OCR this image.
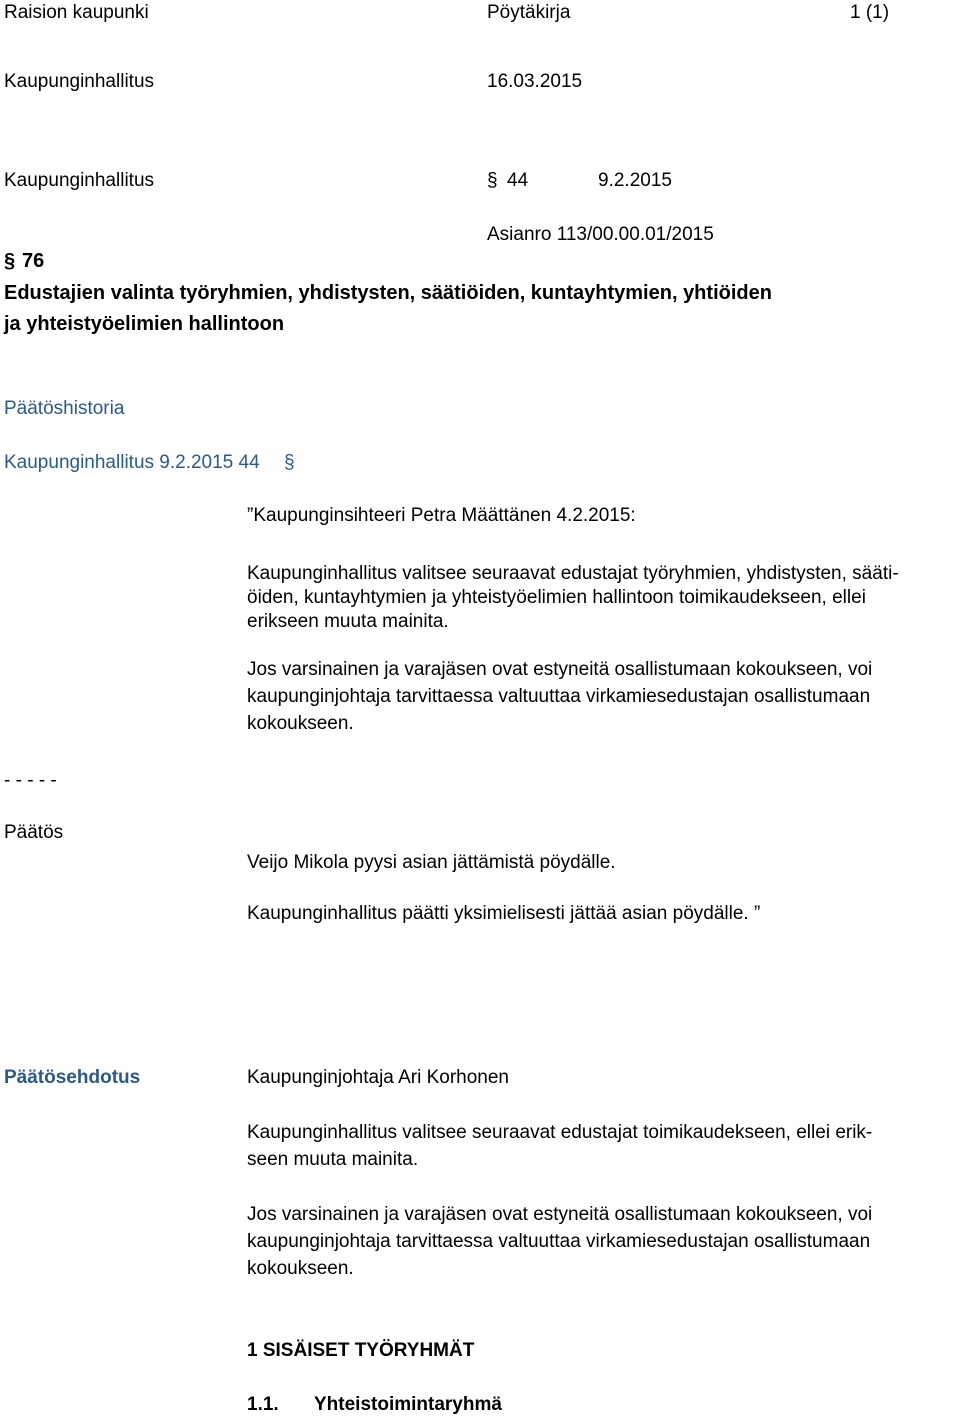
Raision kaupunki	Pöytäkirja	1 (1)
Kaupunginhallitus	16.03.2015
Kaupunginhallitus	§ 44	9.2.2015
Asianro 113/00.00.01/2015
§ 76
Edustajien valinta työryhmien, yhdistysten, säätiöiden, kuntayhtymien, yhtiöiden
ja yhteistyöelimien hallintoon
Päätöshistoria
Kaupunginhallitus 9.2.2015 44 §
”Kaupunginsihteeri Petra Määttänen 4.2.2015:
Kaupunginhallitus valitsee seuraavat edustajat työryhmien, yhdistysten, sääti-
öiden, kuntayhtymien ja yhteistyöelimien hallintoon toimikaudekseen, ellei
erikseen muuta mainita.
Jos varsinainen ja varajäsen ovat estyneitä osallistumaan kokoukseen, voi
kaupunginjohtaja tarvittaessa valtuuttaa virkamiesedustajan osallistumaan
kokoukseen.
- - - - -
Päätös
Veijo Mikola pyysi asian jättämistä pöydälle.
Kaupunginhallitus päätti yksimielisesti jättää asian pöydälle. ”
Päätösehdotus	Kaupunginjohtaja Ari Korhonen
Kaupunginhallitus valitsee seuraavat edustajat toimikaudekseen, ellei erik-
seen muuta mainita.
Jos varsinainen ja varajäsen ovat estyneitä osallistumaan kokoukseen, voi
kaupunginjohtaja tarvittaessa valtuuttaa virkamiesedustajan osallistumaan
kokoukseen.
1 SISÄISET TYÖRYHMÄT
1.1. Yhteistoimintaryhmä
